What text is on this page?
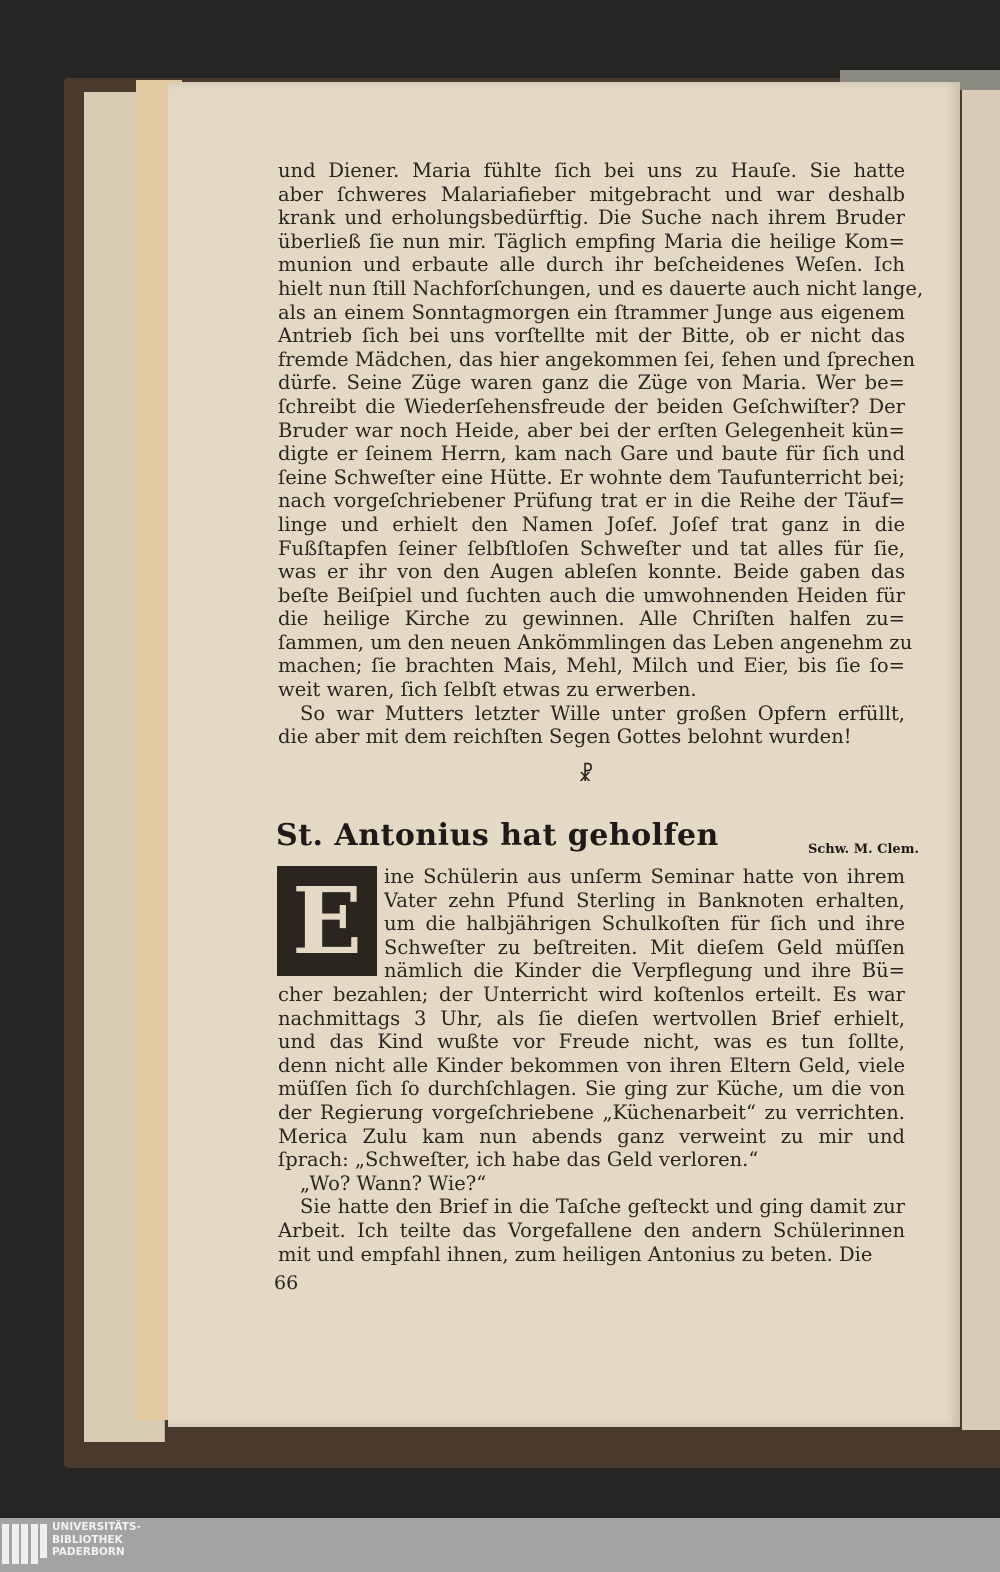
und Diener. Maria fühlte ſich bei uns zu Hauſe. Sie hatte
aber ſchweres Malariafieber mitgebracht und war deshalb
krank und erholungsbedürftig. Die Suche nach ihrem Bruder
überließ ſie nun mir. Täglich empfing Maria die heilige Kom=
munion und erbaute alle durch ihr beſcheidenes Weſen. Ich
hielt nun ſtill Nachforſchungen, und es dauerte auch nicht lange,
als an einem Sonntagmorgen ein ſtrammer Junge aus eigenem
Antrieb ſich bei uns vorſtellte mit der Bitte, ob er nicht das
fremde Mädchen, das hier angekommen ſei, ſehen und ſprechen
dürfe. Seine Züge waren ganz die Züge von Maria. Wer be=
ſchreibt die Wiederſehensfreude der beiden Geſchwiſter? Der
Bruder war noch Heide, aber bei der erſten Gelegenheit kün=
digte er ſeinem Herrn, kam nach Gare und baute für ſich und
ſeine Schweſter eine Hütte. Er wohnte dem Taufunterricht bei;
nach vorgeſchriebener Prüfung trat er in die Reihe der Täuf=
linge und erhielt den Namen Joſef. Joſef trat ganz in die
Fußſtapfen ſeiner ſelbſtloſen Schweſter und tat alles für ſie,
was er ihr von den Augen ableſen konnte. Beide gaben das
beſte Beiſpiel und ſuchten auch die umwohnenden Heiden für
die heilige Kirche zu gewinnen. Alle Chriſten halfen zu=
ſammen, um den neuen Ankömmlingen das Leben angenehm zu
machen; ſie brachten Mais, Mehl, Milch und Eier, bis ſie ſo=
weit waren, ſich ſelbſt etwas zu erwerben.
So war Mutters letzter Wille unter großen Opfern erfüllt,
die aber mit dem reichſten Segen Gottes belohnt wurden!
☧
St. Antonius hat geholfen	Schw. M. Clem.
E ine Schülerin aus unſerm Seminar hatte von ihrem
Vater zehn Pfund Sterling in Banknoten erhalten,
um die halbjährigen Schulkoſten für ſich und ihre
Schweſter zu beſtreiten. Mit dieſem Geld müſſen
nämlich die Kinder die Verpflegung und ihre Bü=
cher bezahlen; der Unterricht wird koſtenlos erteilt. Es war
nachmittags 3 Uhr, als ſie dieſen wertvollen Brief erhielt,
und das Kind wußte vor Freude nicht, was es tun ſollte,
denn nicht alle Kinder bekommen von ihren Eltern Geld, viele
müſſen ſich ſo durchſchlagen. Sie ging zur Küche, um die von
der Regierung vorgeſchriebene „Küchenarbeit“ zu verrichten.
Merica Zulu kam nun abends ganz verweint zu mir und
ſprach: „Schweſter, ich habe das Geld verloren.“
„Wo? Wann? Wie?“
Sie hatte den Brief in die Taſche geſteckt und ging damit zur
Arbeit. Ich teilte das Vorgefallene den andern Schülerinnen
mit und empfahl ihnen, zum heiligen Antonius zu beten. Die
66
UNIVERSITÄTS-
BIBLIOTHEK
PADERBORN
